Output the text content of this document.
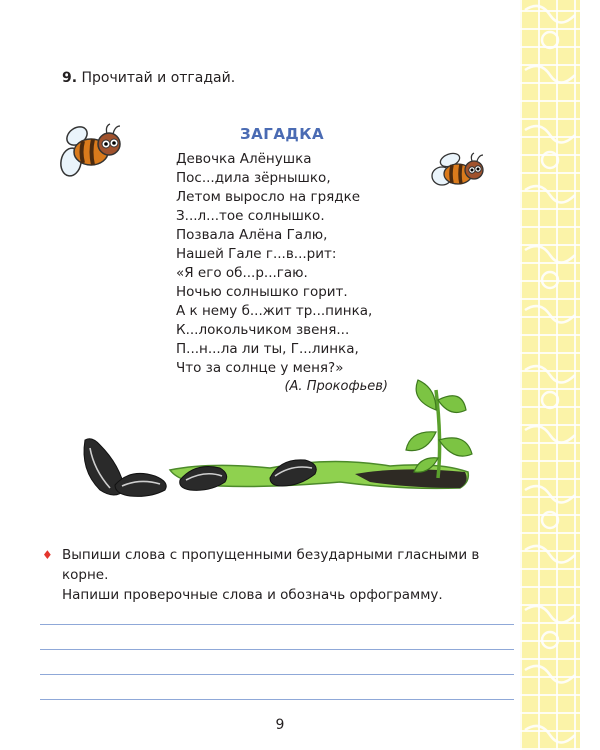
9. Прочитай и отгадай.
ЗАГАДКА
Девочка Алёнушка
Пос...дила зёрнышко,
Летом выросло на грядке
З...л...тое солнышко.
Позвала Алёна Галю,
Нашей Гале г...в...рит:
«Я его об...р...гаю.
Ночью солнышко горит.
А к нему б...жит тр...пинка,
К...локольчиком звеня...
П...н...ла ли ты, Г...линка,
Что за солнце у меня?»
(А. Прокофьев)
♦ Выпиши слова с пропущенными безударными гласными в корне.
Напиши проверочные слова и обозначь орфограмму.
9
